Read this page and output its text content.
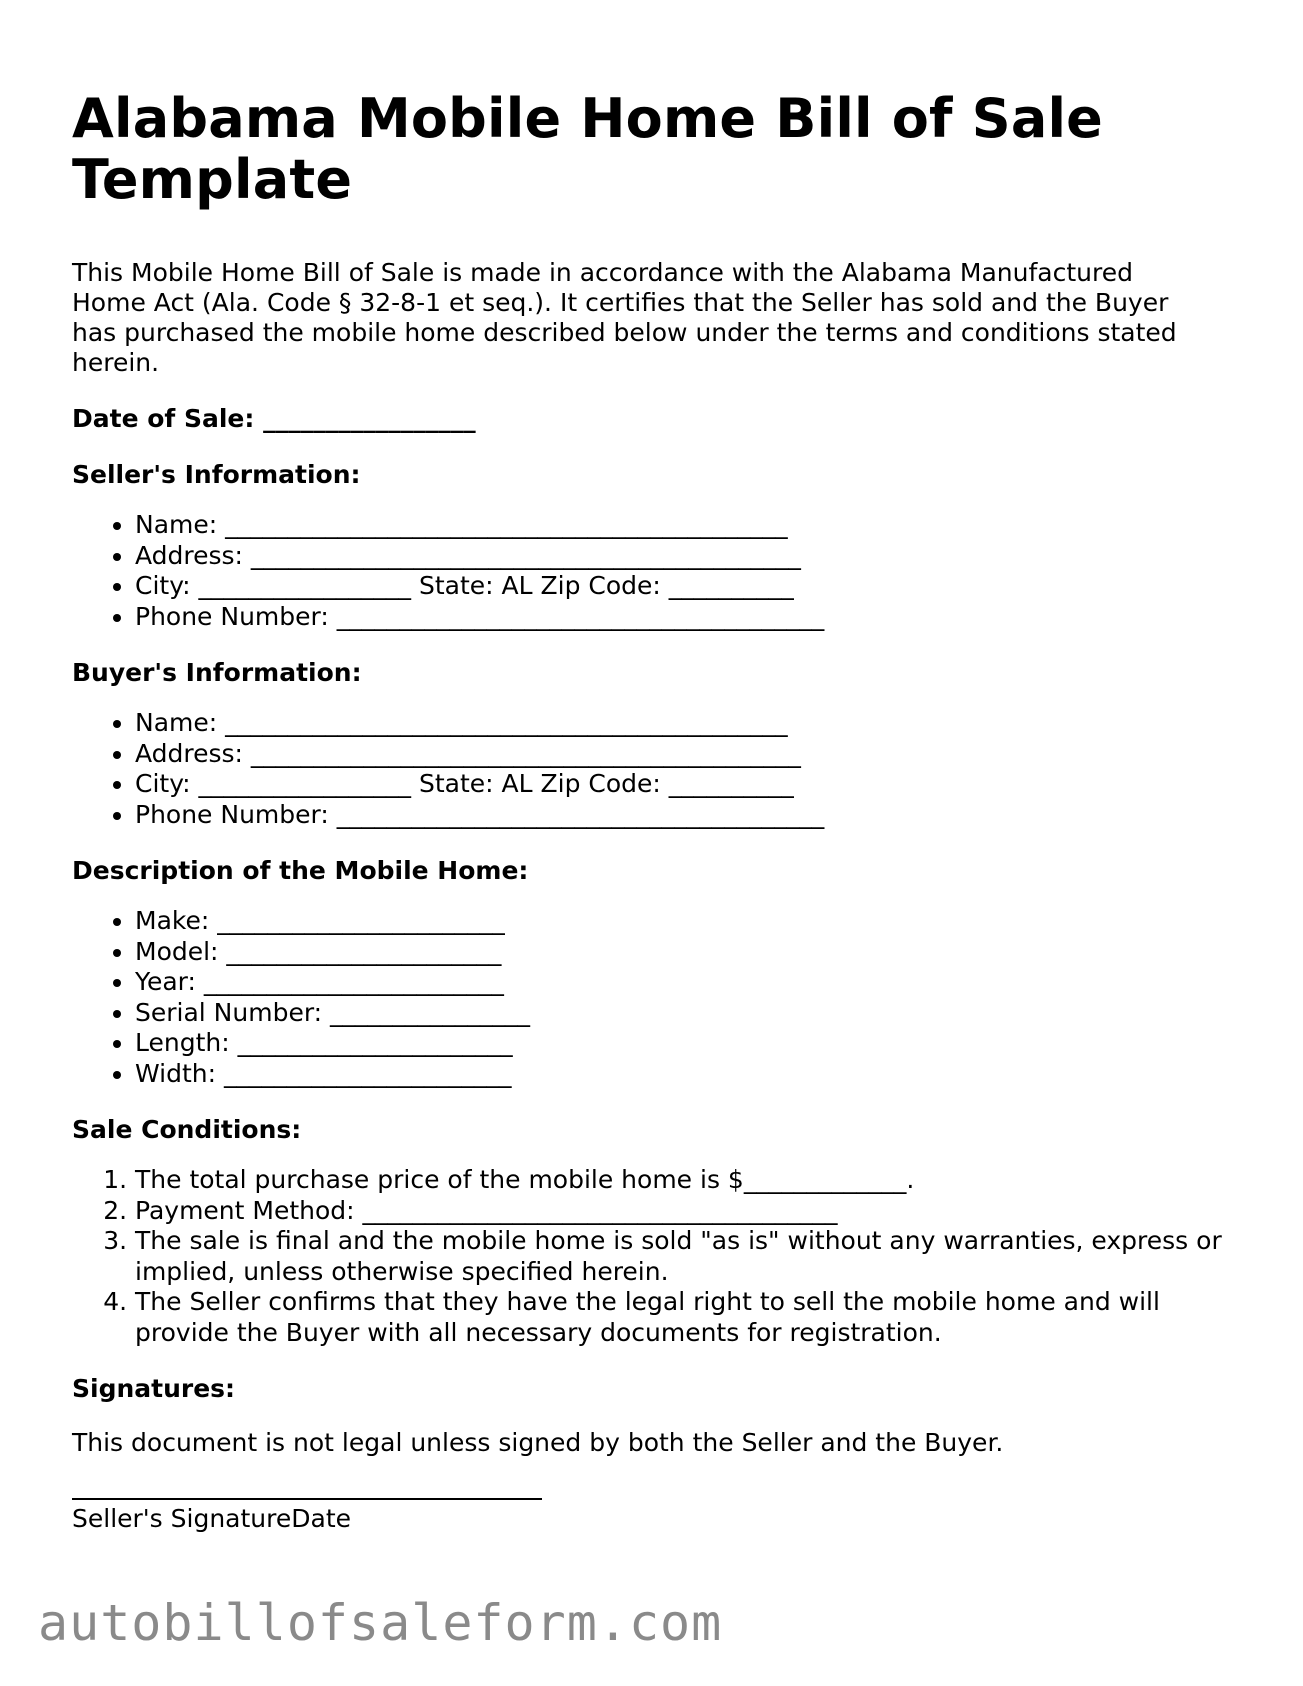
Alabama Mobile Home Bill of Sale Template

This Mobile Home Bill of Sale is made in accordance with the Alabama Manufactured Home Act (Ala. Code § 32-8-1 et seq.). It certifies that the Seller has sold and the Buyer has purchased the mobile home described below under the terms and conditions stated herein.

Date of Sale: _________________

Seller's Information:

• Name: _____________________________________________
• Address: ____________________________________________
• City: _________________ State: AL Zip Code: __________
• Phone Number: _______________________________________

Buyer's Information:

• Name: _____________________________________________
• Address: ____________________________________________
• City: _________________ State: AL Zip Code: __________
• Phone Number: _______________________________________

Description of the Mobile Home:

• Make: _______________________
• Model: ______________________
• Year: ________________________
• Serial Number: ________________
• Length: ______________________
• Width: _______________________

Sale Conditions:

1. The total purchase price of the mobile home is $_____________.
2. Payment Method: ______________________________________
3. The sale is final and the mobile home is sold "as is" without any warranties, express or implied, unless otherwise specified herein.
4. The Seller confirms that they have the legal right to sell the mobile home and will provide the Buyer with all necessary documents for registration.

Signatures:

This document is not legal unless signed by both the Seller and the Buyer.

Seller's SignatureDate
autobillofsaleform.com
